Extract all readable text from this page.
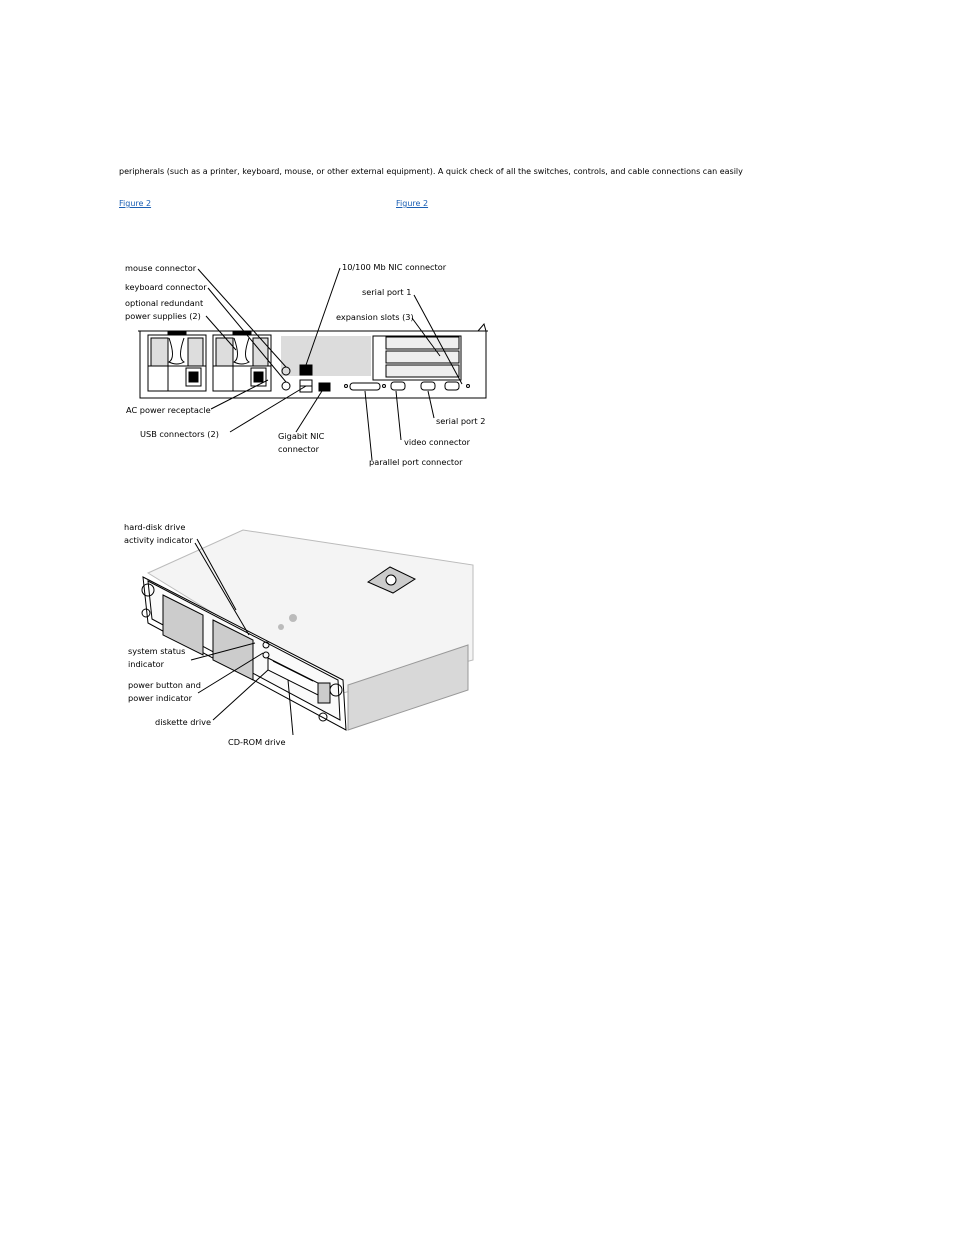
peripherals (such as a printer, keyboard, mouse, or other external equipment). A quick check of all the switches, controls, and cable connections can easily
Figure 2	Figure 2
mouse connector
keyboard connector
optional redundant
power supplies (2)
10/100 Mb NIC connector
serial port 1
expansion slots (3)
AC power receptacle
USB connectors (2)	Gigabit NIC
connector
serial port 2
video connector
parallel port connector
hard-disk drive
activity indicator
system status
indicator
power button and
power indicator
diskette drive
CD-ROM drive
